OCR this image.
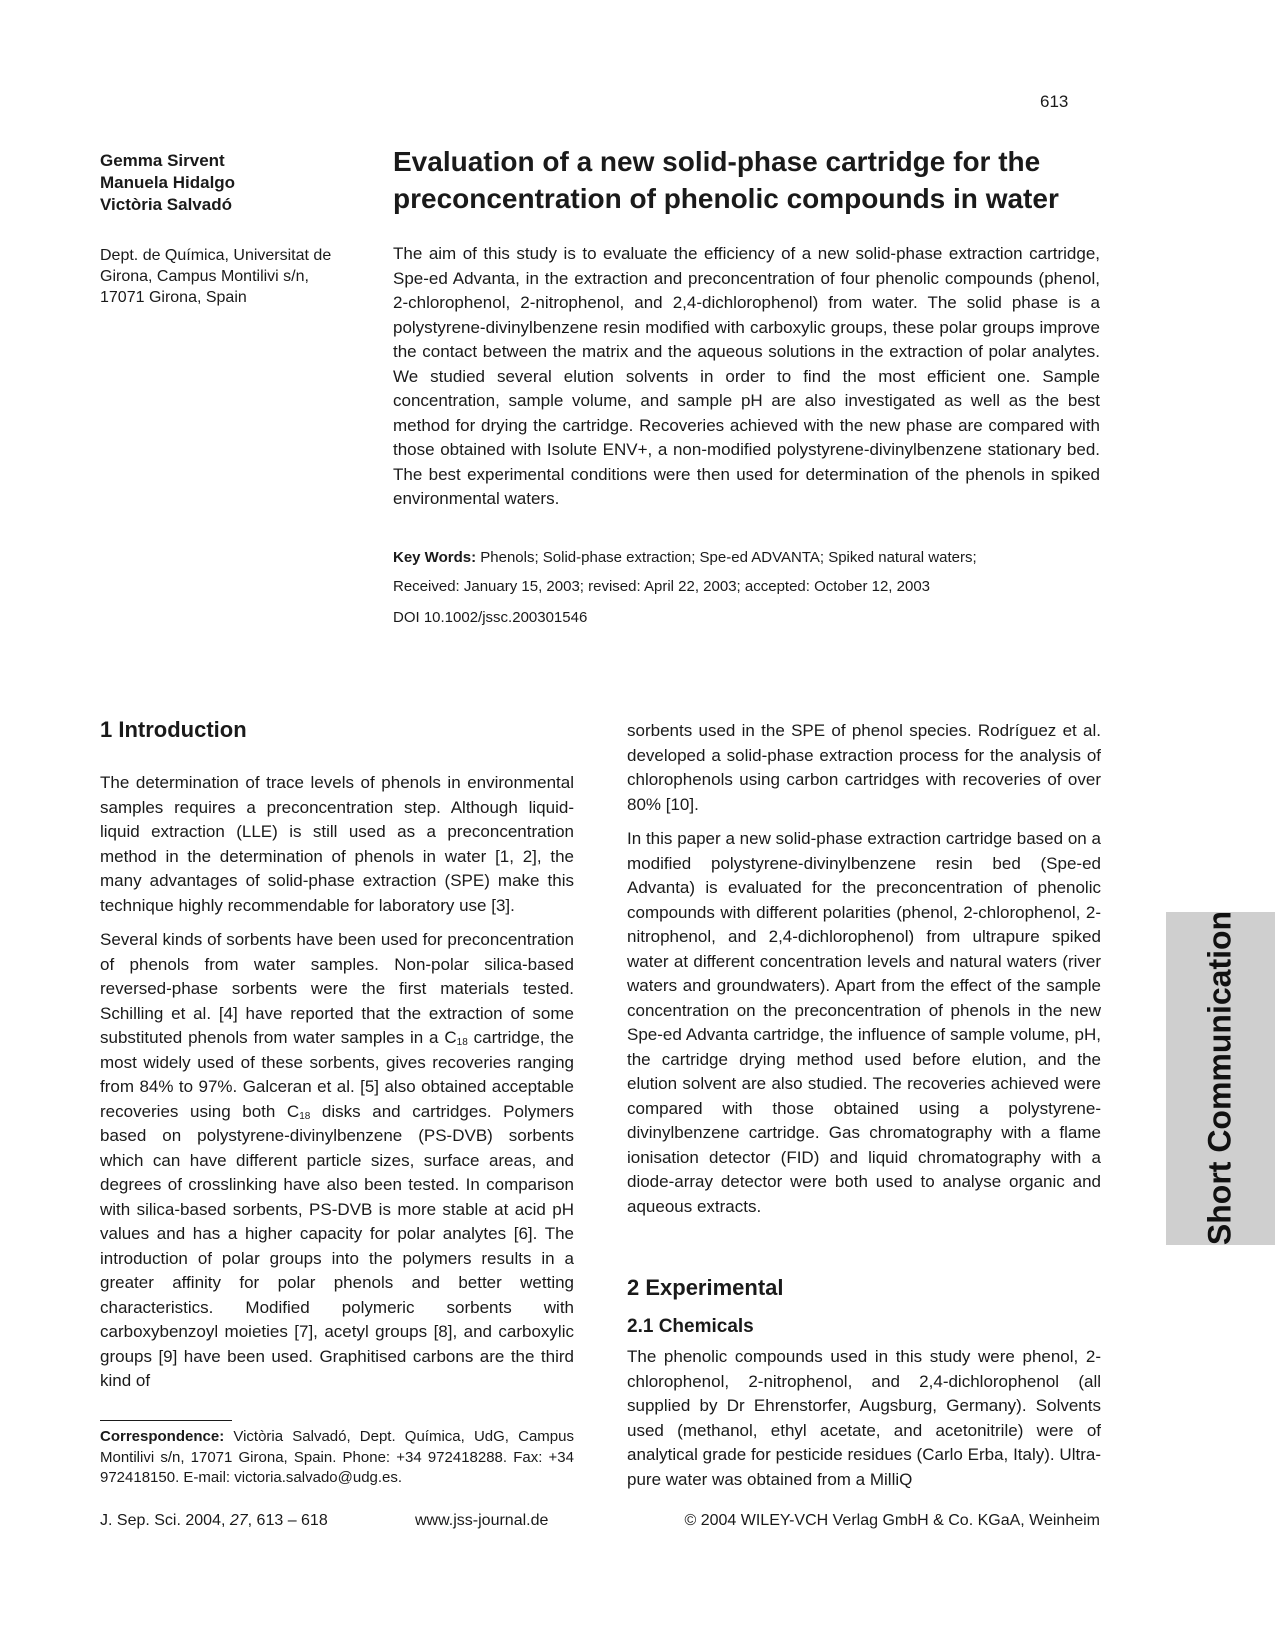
613
Gemma Sirvent
Manuela Hidalgo
Victòria Salvadó
Dept. de Química, Universitat de
Girona, Campus Montilivi s/n,
17071 Girona, Spain
Evaluation of a new solid-phase cartridge for the preconcentration of phenolic compounds in water

The aim of this study is to evaluate the efficiency of a new solid-phase extraction cartridge, Spe-ed Advanta, in the extraction and preconcentration of four phenolic compounds (phenol, 2-chlorophenol, 2-nitrophenol, and 2,4-dichlorophenol) from water. The solid phase is a polystyrene-divinylbenzene resin modified with carboxylic groups, these polar groups improve the contact between the matrix and the aqueous solutions in the extraction of polar analytes. We studied several elution solvents in order to find the most efficient one. Sample concentration, sample volume, and sample pH are also investigated as well as the best method for drying the cartridge. Recoveries achieved with the new phase are compared with those obtained with Isolute ENV+, a non-modified polystyrene-divinylbenzene stationary bed. The best experimental conditions were then used for determination of the phenols in spiked environmental waters.

Key Words: Phenols; Solid-phase extraction; Spe-ed ADVANTA; Spiked natural waters;
Received: January 15, 2003; revised: April 22, 2003; accepted: October 12, 2003
DOI 10.1002/jssc.200301546
1 Introduction

The determination of trace levels of phenols in environmental samples requires a preconcentration step. Although liquid-liquid extraction (LLE) is still used as a preconcentration method in the determination of phenols in water [1, 2], the many advantages of solid-phase extraction (SPE) make this technique highly recommendable for laboratory use [3].

Several kinds of sorbents have been used for preconcentration of phenols from water samples. Non-polar silica-based reversed-phase sorbents were the first materials tested. Schilling et al. [4] have reported that the extraction of some substituted phenols from water samples in a $C_{18}$ cartridge, the most widely used of these sorbents, gives recoveries ranging from 84% to 97%. Galceran et al. [5] also obtained acceptable recoveries using both $C_{18}$ disks and cartridges. Polymers based on polystyrene-divinylbenzene (PS-DVB) sorbents which can have different particle sizes, surface areas, and degrees of crosslinking have also been tested. In comparison with silica-based sorbents, PS-DVB is more stable at acid pH values and has a higher capacity for polar analytes [6]. The introduction of polar groups into the polymers results in a greater affinity for polar phenols and better wetting characteristics. Modified polymeric sorbents with carboxybenzoyl moieties [7], acetyl groups [8], and carboxylic groups [9] have been used. Graphitised carbons are the third kind of

sorbents used in the SPE of phenol species. Rodríguez et al. developed a solid-phase extraction process for the analysis of chlorophenols using carbon cartridges with recoveries of over 80% [10].

In this paper a new solid-phase extraction cartridge based on a modified polystyrene-divinylbenzene resin bed (Spe-ed Advanta) is evaluated for the preconcentration of phenolic compounds with different polarities (phenol, 2-chlorophenol, 2-nitrophenol, and 2,4-dichlorophenol) from ultrapure spiked water at different concentration levels and natural waters (river waters and groundwaters). Apart from the effect of the sample concentration on the preconcentration of phenols in the new Spe-ed Advanta cartridge, the influence of sample volume, pH, the cartridge drying method used before elution, and the elution solvent are also studied. The recoveries achieved were compared with those obtained using a polystyrene-divinylbenzene cartridge. Gas chromatography with a flame ionisation detector (FID) and liquid chromatography with a diode-array detector were both used to analyse organic and aqueous extracts.

2 Experimental
2.1 Chemicals

The phenolic compounds used in this study were phenol, 2-chlorophenol, 2-nitrophenol, and 2,4-dichlorophenol (all supplied by Dr Ehrenstorfer, Augsburg, Germany). Solvents used (methanol, ethyl acetate, and acetonitrile) were of analytical grade for pesticide residues (Carlo Erba, Italy). Ultra-pure water was obtained from a MilliQ

Correspondence: Victòria Salvadó, Dept. Química, UdG, Campus Montilivi s/n, 17071 Girona, Spain. Phone: +34 972418288. Fax: +34 972418150. E-mail: victoria.salvado@udg.es.
J. Sep. Sci. 2004, 27, 613 – 618	www.jss-journal.de	© 2004 WILEY-VCH Verlag GmbH & Co. KGaA, Weinheim
Short Communication
